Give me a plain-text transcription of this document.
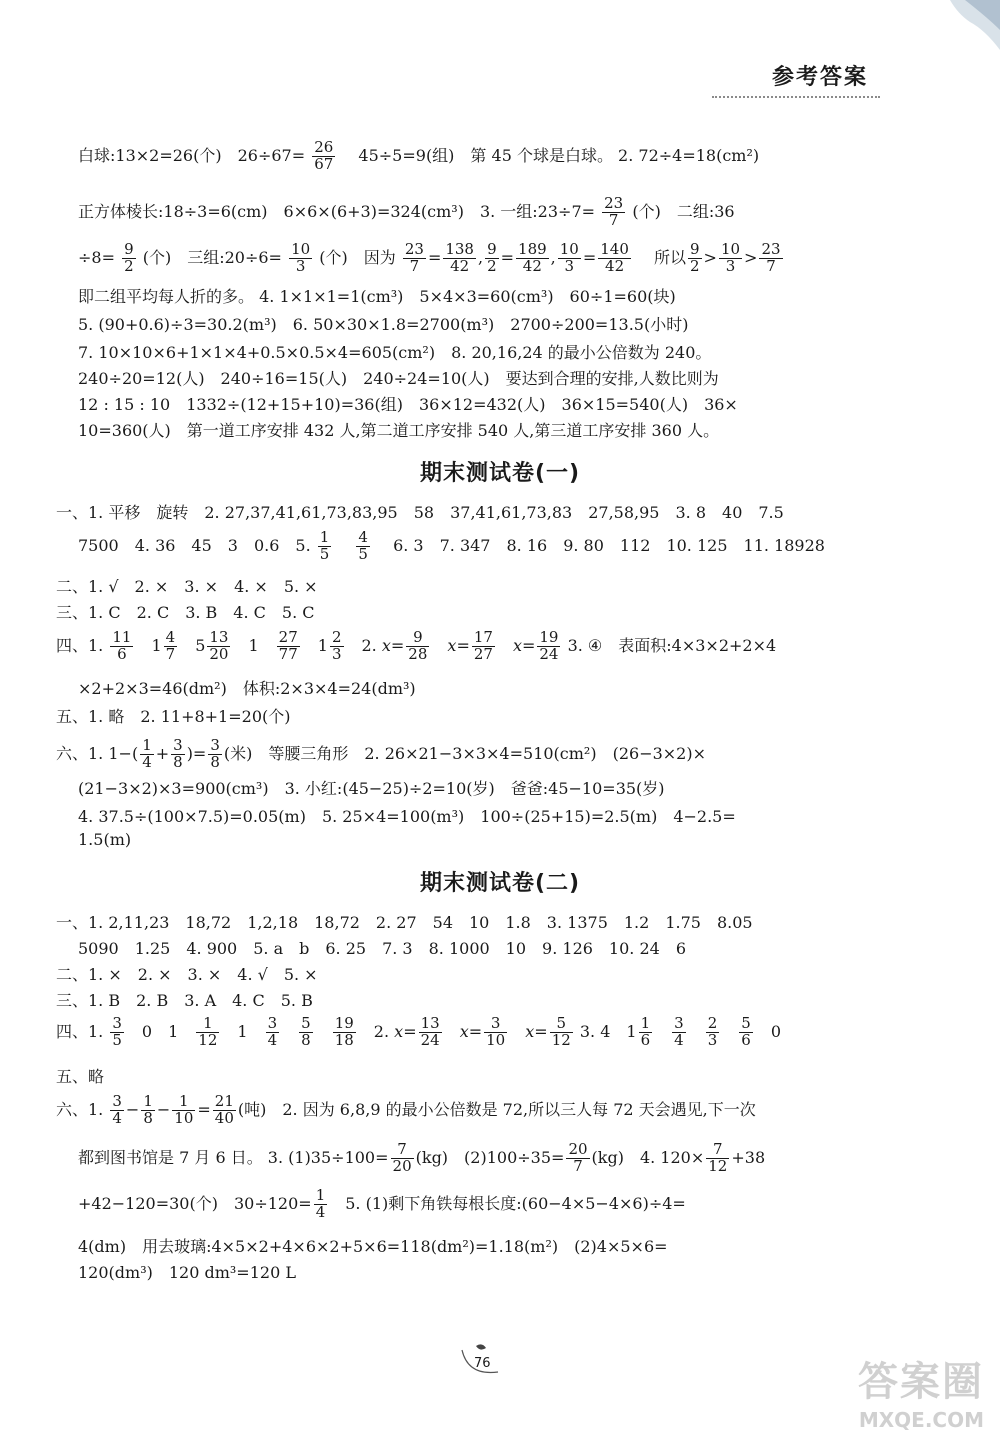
参考答案
白球:13×2=26(个)　$26\div 67= \frac{26}{67}$ 　45÷5=9(组)　第 45 个球是白球。 2. 72÷4=18(cm²)
正方体棱长:18÷3=6(cm)　6×6×(6+3)=324(cm³)　3. 一组:23÷7= $\frac{23}{7}$ (个)　二组:36
$\div 8= \frac{9}{2}$ (个)　三组:20÷6= $\frac{10}{3}$ (个)　因为 $\frac{23}{7} = \frac{138}{42}$ , $\frac{9}{2} = \frac{189}{42}$ , $\frac{10}{3} = \frac{140}{42}$ 　所以 $\frac{9}{2} > \frac{10}{3} > \frac{23}{7}$
即二组平均每人折的多。 4. 1×1×1=1(cm³)　5×4×3=60(cm³)　60÷1=60(块)
5. (90+0.6)÷3=30.2(m³)　6. 50×30×1.8=2700(m³)　2700÷200=13.5(小时)
7. 10×10×6+1×1×4+0.5×0.5×4=605(cm²)　8. 20,16,24 的最小公倍数为 240。
240÷20=12(人)　240÷16=15(人)　240÷24=10(人)　要达到合理的安排,人数比则为
12 : 15 : 10　1332÷(12+15+10)=36(组)　36×12=432(人)　36×15=540(人)　36×
10=360(人)　第一道工序安排 432 人,第二道工序安排 540 人,第三道工序安排 360 人。
期末测试卷(一)
一、1. 平移　旋转　2. 27,37,41,61,73,83,95　58　37,41,61,73,83　27,58,95　3. 8　40　7.5
7500　4. 36　45　3　0.6　5. $\frac{1}{5}$
　 $\frac{4}{5}$
　 6. 3　7. 347　8. 16　9. 80　112　10. 125　11. 18928
二、1. √　2. ×　3. ×　4. ×　5. ×
三、1. C　2. C　3. B　4. C　5. C
四、1. $\frac{11}{6}$ 　$1 \frac{4}{7}$ 　$5 \frac{13}{20}$ 　1　 $\frac{27}{77}$ 　$1 \frac{2}{3}$ 　2. $x= \frac{9}{28}$
　 $x= \frac{17}{27}$
　 $x= \frac{19}{24} 3$. ④　表面积:4×3×2+2×4
×2+2×3=46(dm²)　体积:2×3×4=24(dm³)
五、1. 略　2. 11+8+1=20(个)
六、1. $1-( \frac{1}{4} + \frac{3}{8}$ )= $\frac{3}{8}$ (米)　等腰三角形　2. 26×21−3×3×4=510(cm²)　(26−3×2)×
(21−3×2)×3=900(cm³)　3. 小红:(45−25)÷2=10(岁)　爸爸:45−10=35(岁)
4. 37.5÷(100×7.5)=0.05(m)　5. 25×4=100(m³)　100÷(25+15)=2.5(m)　4−2.5=
1.5(m)
期末测试卷(二)
一、1. 2,11,23　18,72　1,2,18　18,72　2. 27　54　10　1.8　3. 1375　1.2　1.75　8.05
5090　1.25　4. 900　5. a　b　6. 25　7. 3　8. 1000　10　9. 126　10. 24　6
二、1. ×　2. ×　3. ×　4. √　5. ×
三、1. B　2. B　3. A　4. C　5. B
四、1. $\frac{3}{5}$ 　0　1　 $\frac{1}{12}$ 　1　 $\frac{3}{4}$
　 $\frac{5}{8}$
　 $\frac{19}{18}$ 　2. $x= \frac{13}{24}$
　 $x= \frac{3}{10}$
　 $x= \frac{5}{12} 3$. 4　$1 \frac{1}{6}$
　 $\frac{3}{4}$
　 $\frac{2}{3}$
　 $\frac{5}{6}$ 　0
五、略
六、1. $\frac{3}{4} - \frac{1}{8} - \frac{1}{10} = \frac{21}{40}$ (吨)　2. 因为 6,8,9 的最小公倍数是 72,所以三人每 72 天会遇见,下一次
都到图书馆是 7 月 6 日。 3. $(1)35\div 100= \frac{7}{20} (kg)$　$(2)100\div 35= \frac{20}{7} (kg)$　4. $120\times \frac{7}{12} +38$
+42−120=30(个)　$30\div 120= \frac{1}{4}$
　 5. (1)剩下角铁每根长度:(60−4×5−4×6)÷4=
4(dm)　用去玻璃:4×5×2+4×6×2+5×6=118(dm²)=1.18(m²)　(2)4×5×6=
120(dm³)　120 dm³=120 L
76	答案圈
MXQE.COM
